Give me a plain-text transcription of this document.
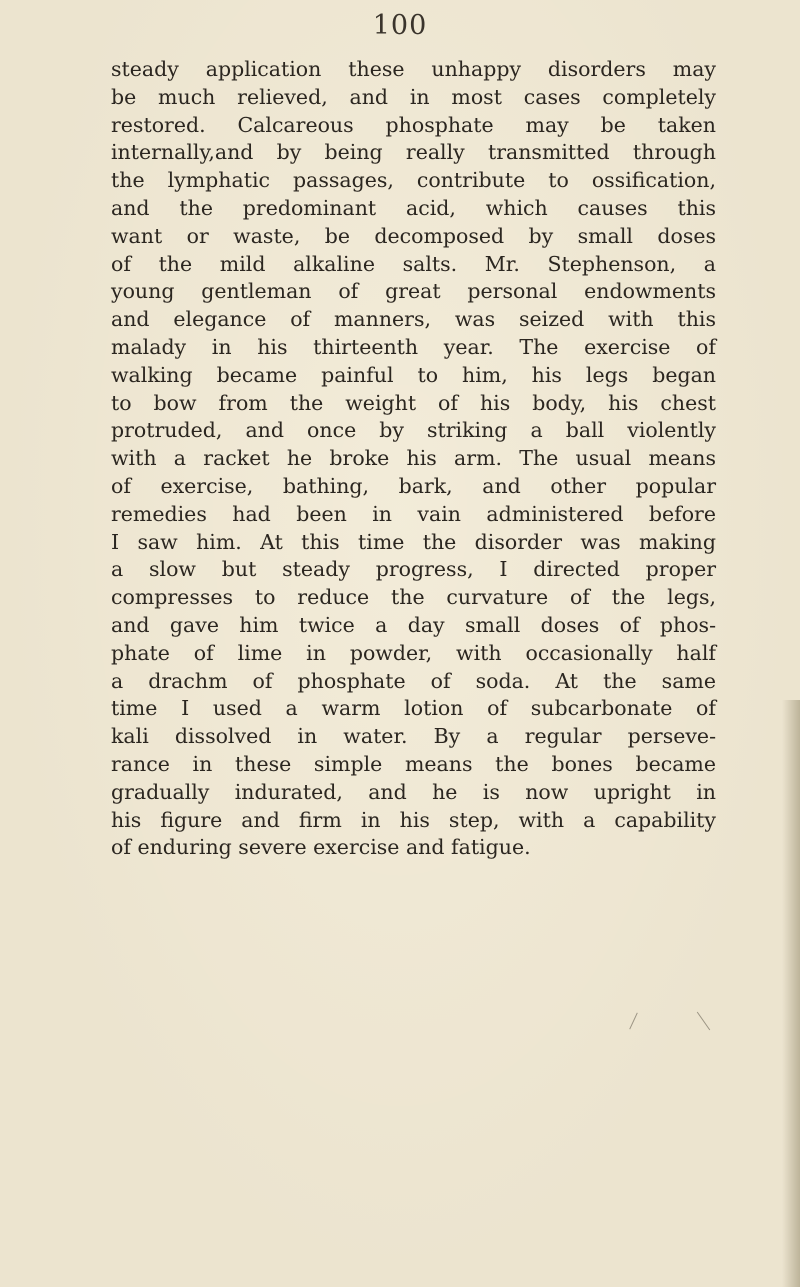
100
steady application these unhappy disorders may
be much relieved, and in most cases completely
restored. Calcareous phosphate may be taken
internally,and by being really transmitted through
the lymphatic passages, contribute to ossification,
and the predominant acid, which causes this
want or waste, be decomposed by small doses
of the mild alkaline salts. Mr. Stephenson, a
young gentleman of great personal endowments
and elegance of manners, was seized with this
malady in his thirteenth year. The exercise of
walking became painful to him, his legs began
to bow from the weight of his body, his chest
protruded, and once by striking a ball violently
with a racket he broke his arm. The usual means
of exercise, bathing, bark, and other popular
remedies had been in vain administered before
I saw him. At this time the disorder was making
a slow but steady progress, I directed proper
compresses to reduce the curvature of the legs,
and gave him twice a day small doses of phos-
phate of lime in powder, with occasionally half
a drachm of phosphate of soda. At the same
time I used a warm lotion of subcarbonate of
kali dissolved in water. By a regular perseve-
rance in these simple means the bones became
gradually indurated, and he is now upright in
his figure and firm in his step, with a capability
of enduring severe exercise and fatigue.
